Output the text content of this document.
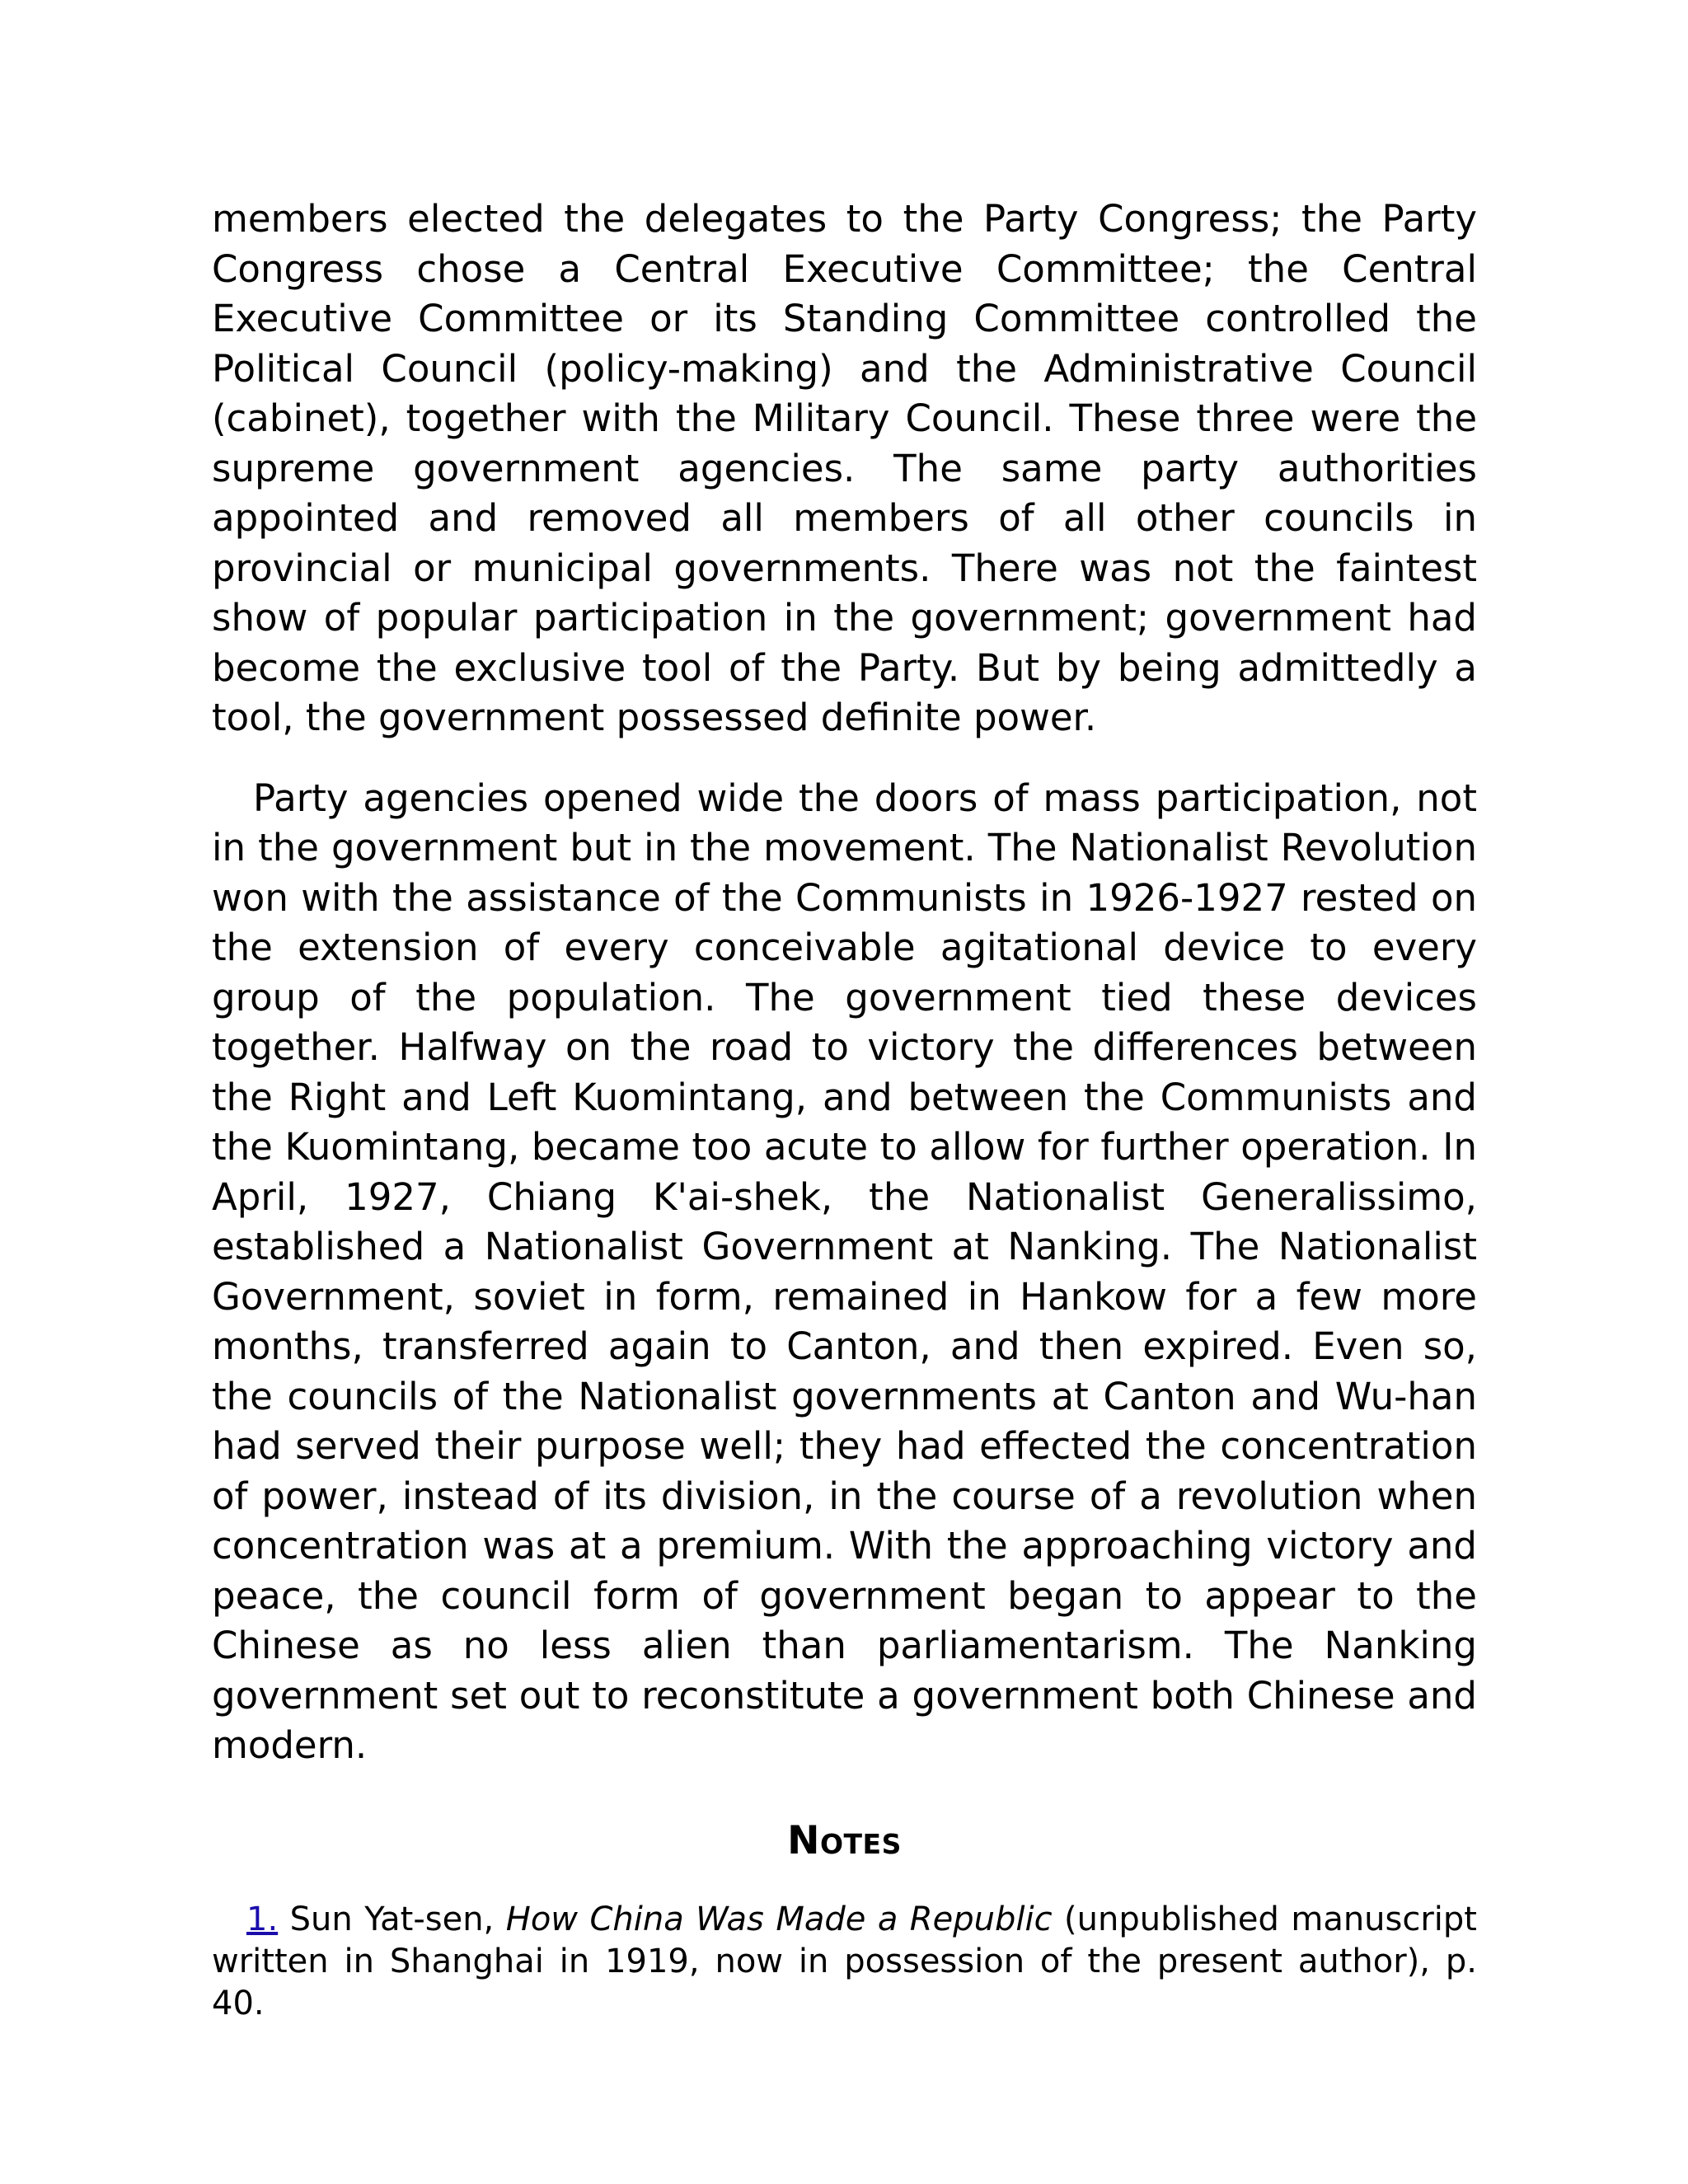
members elected the delegates to the Party Congress; the Party Congress chose a Central Executive Committee; the Central Executive Committee or its Standing Committee controlled the Political Council (policy-making) and the Administrative Council (cabinet), together with the Military Council. These three were the supreme government agencies. The same party authorities appointed and removed all members of all other councils in provincial or municipal governments. There was not the faintest show of popular participation in the government; government had become the exclusive tool of the Party. But by being admittedly a tool, the government possessed definite power.

Party agencies opened wide the doors of mass participation, not in the government but in the movement. The Nationalist Revolution won with the assistance of the Communists in 1926-1927 rested on the extension of every conceivable agitational device to every group of the population. The government tied these devices together. Halfway on the road to victory the differences between the Right and Left Kuomintang, and between the Communists and the Kuomintang, became too acute to allow for further operation. In April, 1927, Chiang K'ai-shek, the Nationalist Generalissimo, established a Nationalist Government at Nanking. The Nationalist Government, soviet in form, remained in Hankow for a few more months, transferred again to Canton, and then expired. Even so, the councils of the Nationalist governments at Canton and Wu-han had served their purpose well; they had effected the concentration of power, instead of its division, in the course of a revolution when concentration was at a premium. With the approaching victory and peace, the council form of government began to appear to the Chinese as no less alien than parliamentarism. The Nanking government set out to reconstitute a government both Chinese and modern.

Notes

1. Sun Yat-sen, How China Was Made a Republic (unpublished manuscript written in Shanghai in 1919, now in possession of the present author), p. 40.
